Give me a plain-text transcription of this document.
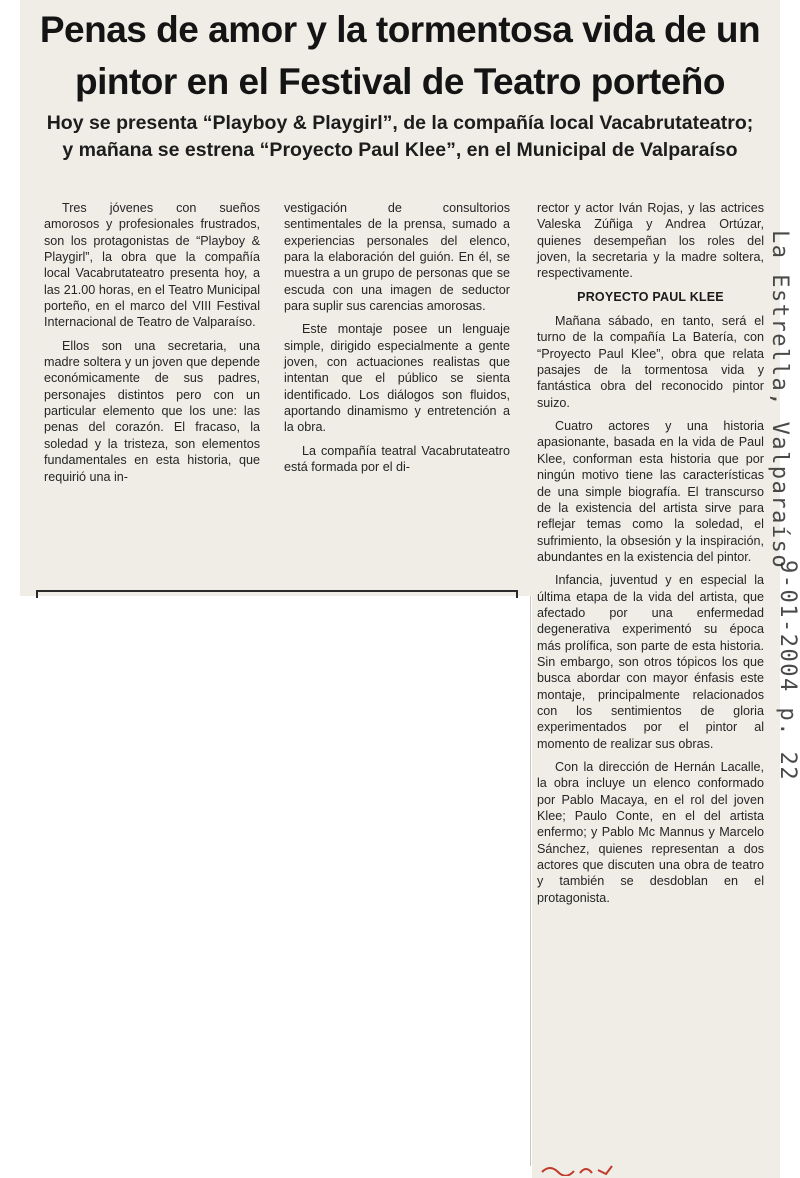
Penas de amor y la tormentosa vida de un pintor en el Festival de Teatro porteño
Hoy se presenta “Playboy & Playgirl”, de la compañía local Vacabrutateatro; y mañana se estrena “Proyecto Paul Klee”, en el Municipal de Valparaíso

Tres jóvenes con sueños amorosos y profesionales frustrados, son los protagonistas de “Playboy & Playgirl”, la obra que la compañía local Vacabrutateatro presenta hoy, a las 21.00 horas, en el Teatro Municipal porteño, en el marco del VIII Festival Internacional de Teatro de Valparaíso.

Ellos son una secretaria, una madre soltera y un joven que depende económicamente de sus padres, personajes distintos pero con un particular elemento que los une: las penas del corazón. El fracaso, la soledad y la tristeza, son elementos fundamentales en esta historia, que requirió una in-

vestigación de consultorios sentimentales de la prensa, sumado a experiencias personales del elenco, para la elaboración del guión. En él, se muestra a un grupo de personas que se escuda con una imagen de seductor para suplir sus carencias amorosas.

Este montaje posee un lenguaje simple, dirigido especialmente a gente joven, con actuaciones realistas que intentan que el público se sienta identificado. Los diálogos son fluidos, aportando dinamismo y entretención a la obra.

La compañía teatral Vacabrutateatro está formada por el di-

rector y actor Iván Rojas, y las actrices Valeska Zúñiga y Andrea Ortúzar, quienes desempeñan los roles del joven, la secretaria y la madre soltera, respectivamente.

PROYECTO PAUL KLEE

Mañana sábado, en tanto, será el turno de la compañía La Batería, con “Proyecto Paul Klee”, obra que relata pasajes de la tormentosa vida y fantástica obra del reconocido pintor suizo.

Cuatro actores y una historia apasionante, basada en la vida de Paul Klee, conforman esta historia que por ningún motivo tiene las características de una simple biografía. El transcurso de la existencia del artista sirve para reflejar temas como la soledad, el sufrimiento, la obsesión y la inspiración, abundantes en la existencia del pintor.

Infancia, juventud y en especial la última etapa de la vida del artista, que afectado por una enfermedad degenerativa experimentó su época más prolífica, son parte de esta historia. Sin embargo, son otros tópicos los que busca abordar con mayor énfasis este montaje, principalmente relacionados con los sentimientos de gloria experimentados por el pintor al momento de realizar sus obras.

Con la dirección de Hernán Lacalle, la obra incluye un elenco conformado por Pablo Macaya, en el rol del joven Klee; Paulo Conte, en el del artista enfermo; y Pablo Mc Mannus y Marcelo Sánchez, quienes representan a dos actores que discuten una obra de teatro y también se desdoblan en el protagonista.

La Estrella, Valparaíso
9-01-2004 p. 22
